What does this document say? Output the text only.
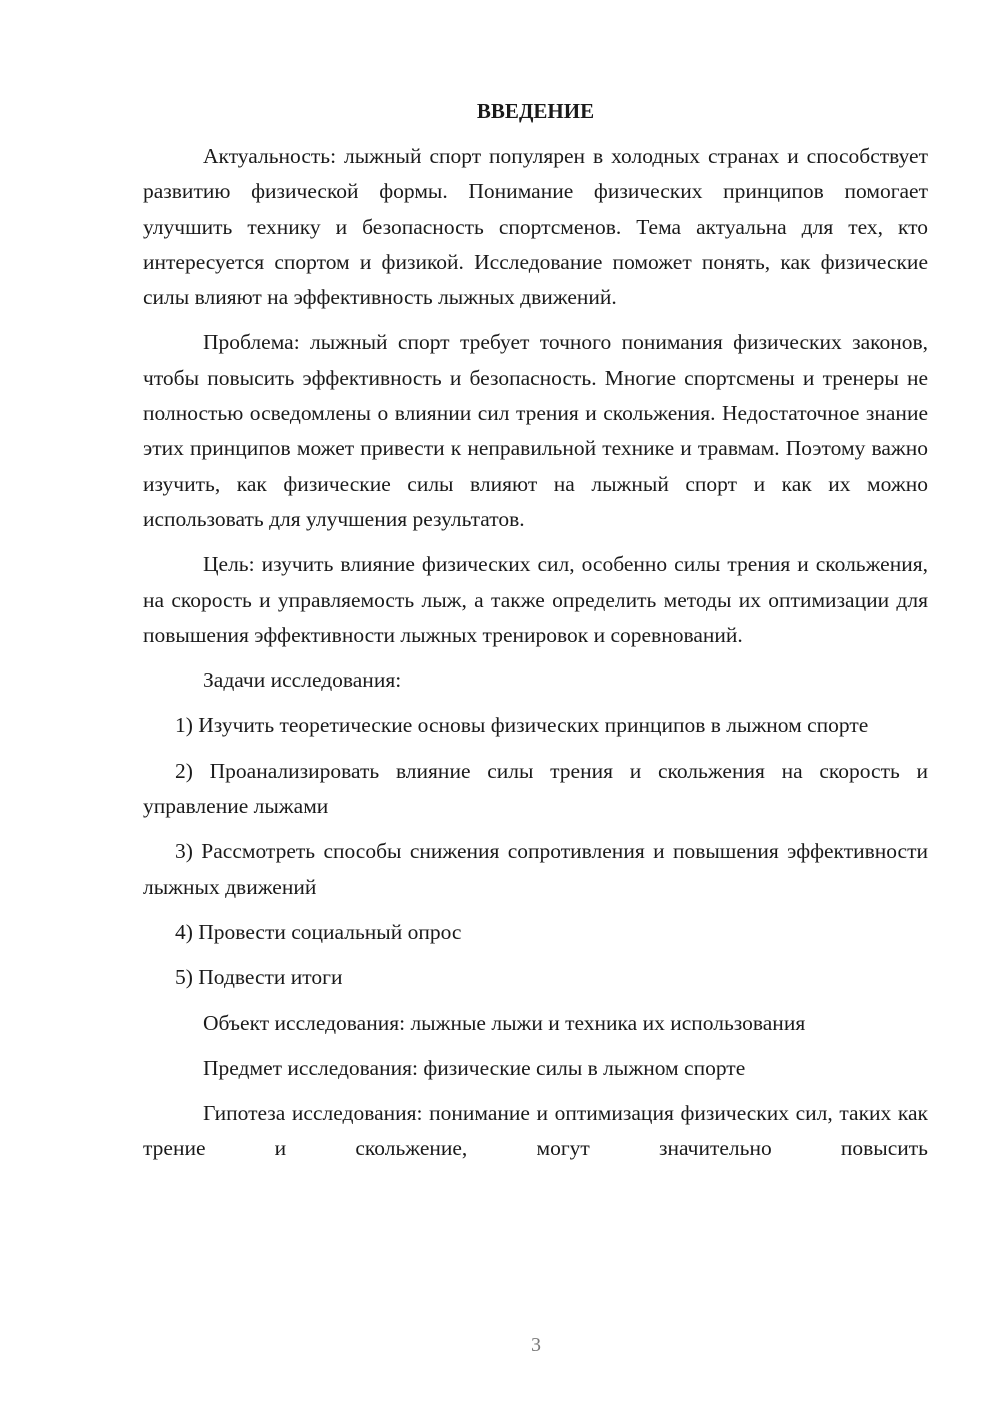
ВВЕДЕНИЕ

Актуальность: лыжный спорт популярен в холодных странах и способствует развитию физической формы. Понимание физических принципов помогает улучшить технику и безопасность спортсменов. Тема актуальна для тех, кто интересуется спортом и физикой. Исследование поможет понять, как физические силы влияют на эффективность лыжных движений.

Проблема: лыжный спорт требует точного понимания физических законов, чтобы повысить эффективность и безопасность. Многие спортсмены и тренеры не полностью осведомлены о влиянии сил трения и скольжения. Недостаточное знание этих принципов может привести к неправильной технике и травмам. Поэтому важно изучить, как физические силы влияют на лыжный спорт и как их можно использовать для улучшения результатов.

Цель: изучить влияние физических сил, особенно силы трения и скольжения, на скорость и управляемость лыж, а также определить методы их оптимизации для повышения эффективности лыжных тренировок и соревнований.

Задачи исследования:

1) Изучить теоретические основы физических принципов в лыжном спорте

2) Проанализировать влияние силы трения и скольжения на скорость и управление лыжами

3) Рассмотреть способы снижения сопротивления и повышения эффективности лыжных движений

4) Провести социальный опрос

5) Подвести итоги

Объект исследования: лыжные лыжи и техника их использования

Предмет исследования: физические силы в лыжном спорте

Гипотеза исследования: понимание и оптимизация физических сил, таких как трение и скольжение, могут значительно повысить

3
